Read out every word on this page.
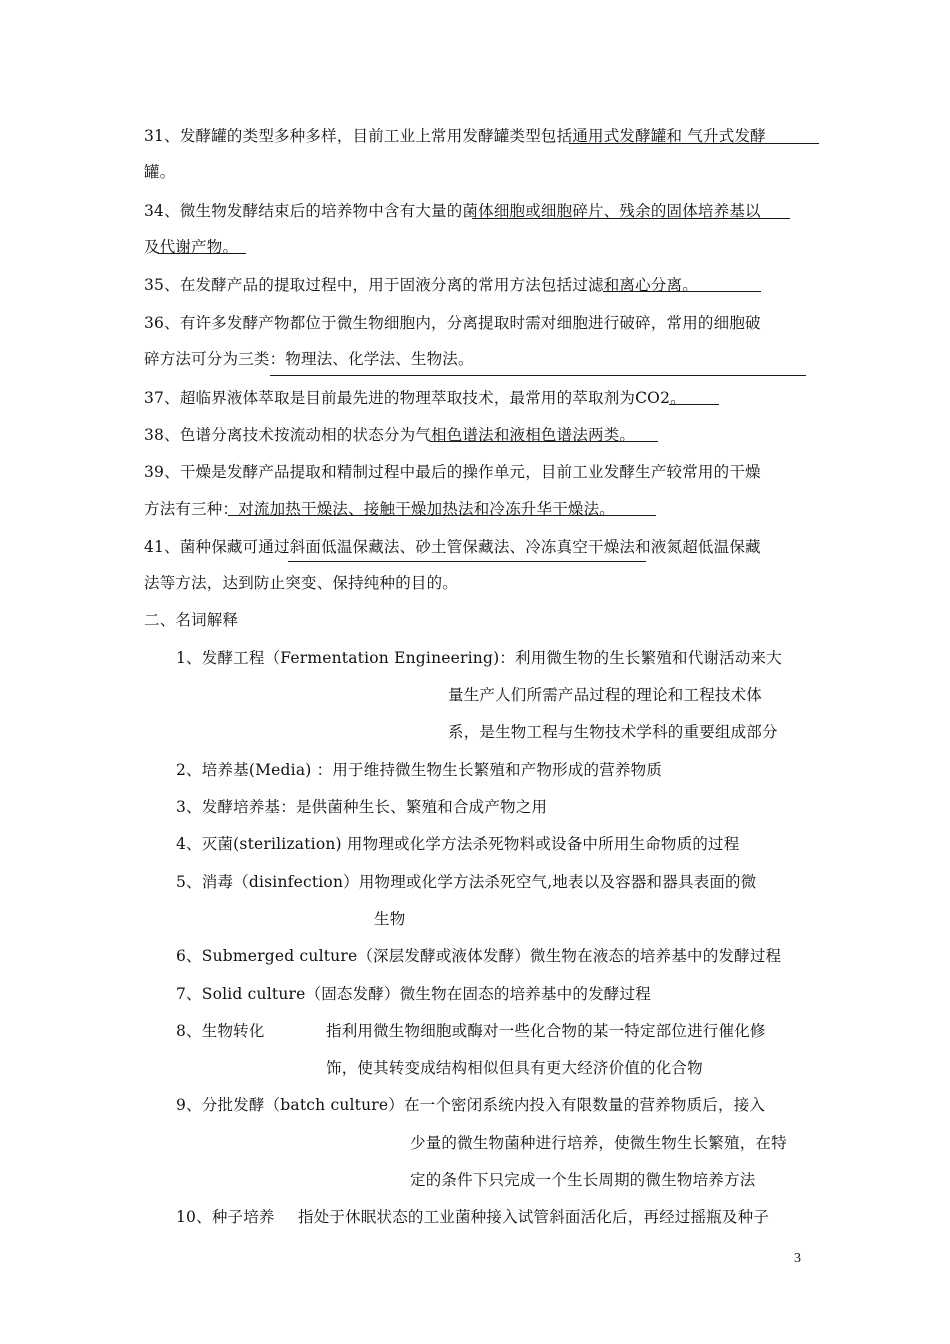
31、发酵罐的类型多种多样，目前工业上常用发酵罐类型包括通用式发酵罐和 气升式发酵
罐。
34、微生物发酵结束后的培养物中含有大量的菌体细胞或细胞碎片、残余的固体培养基以
及代谢产物。
35、在发酵产品的提取过程中，用于固液分离的常用方法包括过滤和离心分离。
36、有许多发酵产物都位于微生物细胞内，分离提取时需对细胞进行破碎，常用的细胞破
碎方法可分为三类：物理法、化学法、生物法。
37、超临界液体萃取是目前最先进的物理萃取技术，最常用的萃取剂为CO2。
38、色谱分离技术按流动相的状态分为气相色谱法和液相色谱法两类。
39、干燥是发酵产品提取和精制过程中最后的操作单元，目前工业发酵生产较常用的干燥
方法有三种：对流加热干燥法、接触干燥加热法和冷冻升华干燥法。
41、菌种保藏可通过斜面低温保藏法、砂土管保藏法、冷冻真空干燥法和液氮超低温保藏
法等方法，达到防止突变、保持纯种的目的。
二、名词解释
1、发酵工程（Fermentation Engineering)：利用微生物的生长繁殖和代谢活动来大
量生产人们所需产品过程的理论和工程技术体
系，是生物工程与生物技术学科的重要组成部分
2、培养基(Media) ：用于维持微生物生长繁殖和产物形成的营养物质
3、发酵培养基：是供菌种生长、繁殖和合成产物之用
4、灭菌(sterilization) 用物理或化学方法杀死物料或设备中所用生命物质的过程
5、消毒（disinfection）用物理或化学方法杀死空气,地表以及容器和器具表面的微
生物
6、Submerged culture（深层发酵或液体发酵）微生物在液态的培养基中的发酵过程
7、Solid culture（固态发酵）微生物在固态的培养基中的发酵过程
8、生物转化	指利用微生物细胞或酶对一些化合物的某一特定部位进行催化修
饰，使其转变成结构相似但具有更大经济价值的化合物
9、分批发酵（batch culture）在一个密闭系统内投入有限数量的营养物质后，接入
少量的微生物菌种进行培养，使微生物生长繁殖，在特
定的条件下只完成一个生长周期的微生物培养方法
10、种子培养 指处于休眠状态的工业菌种接入试管斜面活化后，再经过摇瓶及种子
3
